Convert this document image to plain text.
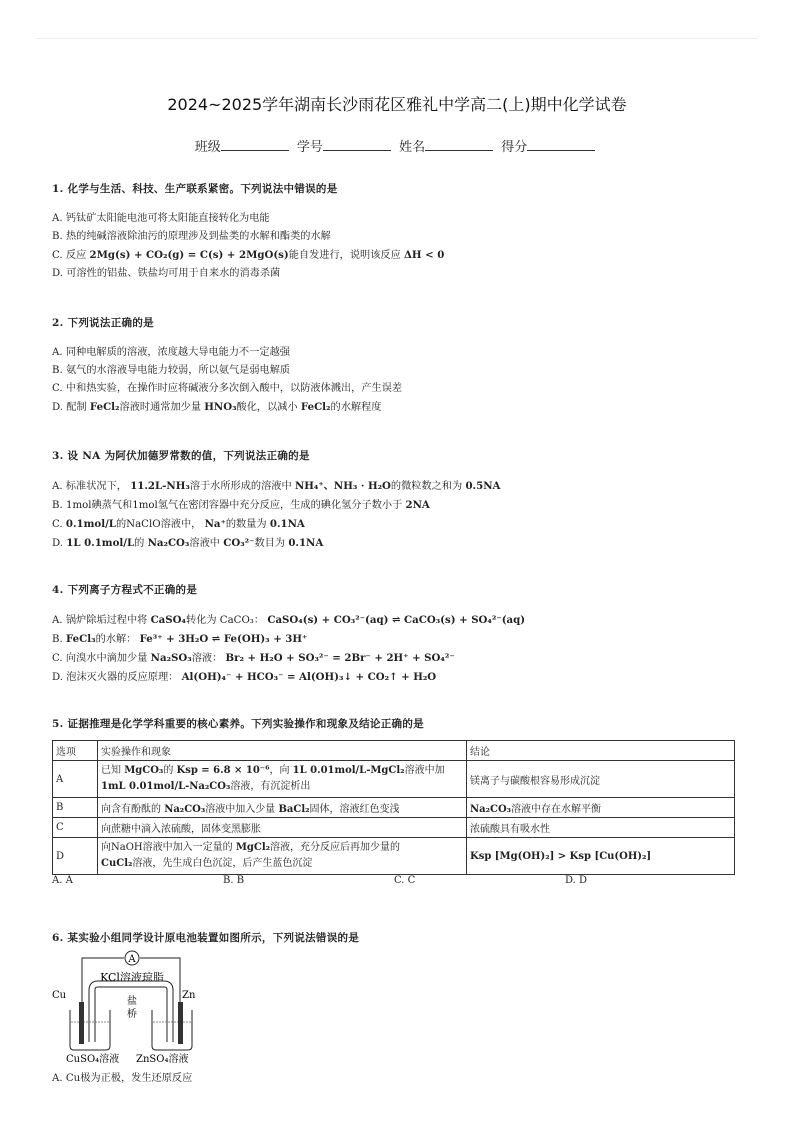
2024~2025学年湖南长沙雨花区雅礼中学高二(上)期中化学试卷
班级	学号	姓名	得分
1. 化学与生活、科技、生产联系紧密。下列说法中错误的是
A. 钙钛矿太阳能电池可将太阳能直接转化为电能
B. 热的纯碱溶液除油污的原理涉及到盐类的水解和酯类的水解
C. 反应 2Mg(s) + CO₂(g) = C(s) + 2MgO(s)能自发进行，说明该反应 ΔH < 0
D. 可溶性的铝盐、铁盐均可用于自来水的消毒杀菌
2. 下列说法正确的是
A. 同种电解质的溶液，浓度越大导电能力不一定越强
B. 氨气的水溶液导电能力较弱，所以氨气是弱电解质
C. 中和热实验，在操作时应将碱液分多次倒入酸中，以防液体溅出，产生误差
D. 配制 FeCl₂溶液时通常加少量 HNO₃酸化，以减小 FeCl₂的水解程度
3. 设 NA 为阿伏加德罗常数的值，下列说法正确的是
A. 标准状况下， 11.2L-NH₃溶于水所形成的溶液中 NH₄⁺、NH₃ · H₂O的微粒数之和为 0.5NA
B. 1mol碘蒸气和1mol氢气在密闭容器中充分反应，生成的碘化氢分子数小于 2NA
C. 0.1mol/L的NaClO溶液中， Na⁺的数量为 0.1NA
D. 1L 0.1mol/L的 Na₂CO₃溶液中 CO₃²⁻数目为 0.1NA
4. 下列离子方程式不正确的是
A. 锅炉除垢过程中将 CaSO₄转化为 CaCO₃： CaSO₄(s) + CO₃²⁻(aq) ⇌ CaCO₃(s) + SO₄²⁻(aq)
B. FeCl₃的水解： Fe³⁺ + 3H₂O ⇌ Fe(OH)₃ + 3H⁺
C. 向溴水中滴加少量 Na₂SO₃溶液： Br₂ + H₂O + SO₃²⁻ = 2Br⁻ + 2H⁺ + SO₄²⁻
D. 泡沫灭火器的反应原理： Al(OH)₄⁻ + HCO₃⁻ = Al(OH)₃↓ + CO₂↑ + H₂O
5. 证据推理是化学学科重要的核心素养。下列实验操作和现象及结论正确的是
选项	实验操作和现象	结论
A	已知 MgCO₃的 Ksp = 6.8 × 10⁻⁶，向 1L 0.01mol/L-MgCl₂溶液中加
1mL 0.01mol/L-Na₂CO₃溶液，有沉淀析出	镁离子与碳酸根容易形成沉淀
B	向含有酚酞的 Na₂CO₃溶液中加入少量 BaCl₂固体，溶液红色变浅	Na₂CO₃溶液中存在水解平衡
C	向蔗糖中滴入浓硫酸，固体变黑膨胀	浓硫酸具有吸水性
D	向NaOH溶液中加入一定量的 MgCl₂溶液，充分反应后再加少量的
CuCl₂溶液，先生成白色沉淀，后产生蓝色沉淀	Ksp [Mg(OH)₂] > Ksp [Cu(OH)₂]
A. A	B. B	C. C	D. D
6. 某实验小组同学设计原电池装置如图所示，下列说法错误的是
A
KCl溶液琼脂
盐
桥
Cu	Zn
CuSO₄溶液 ZnSO₄溶液
A. Cu极为正极，发生还原反应
